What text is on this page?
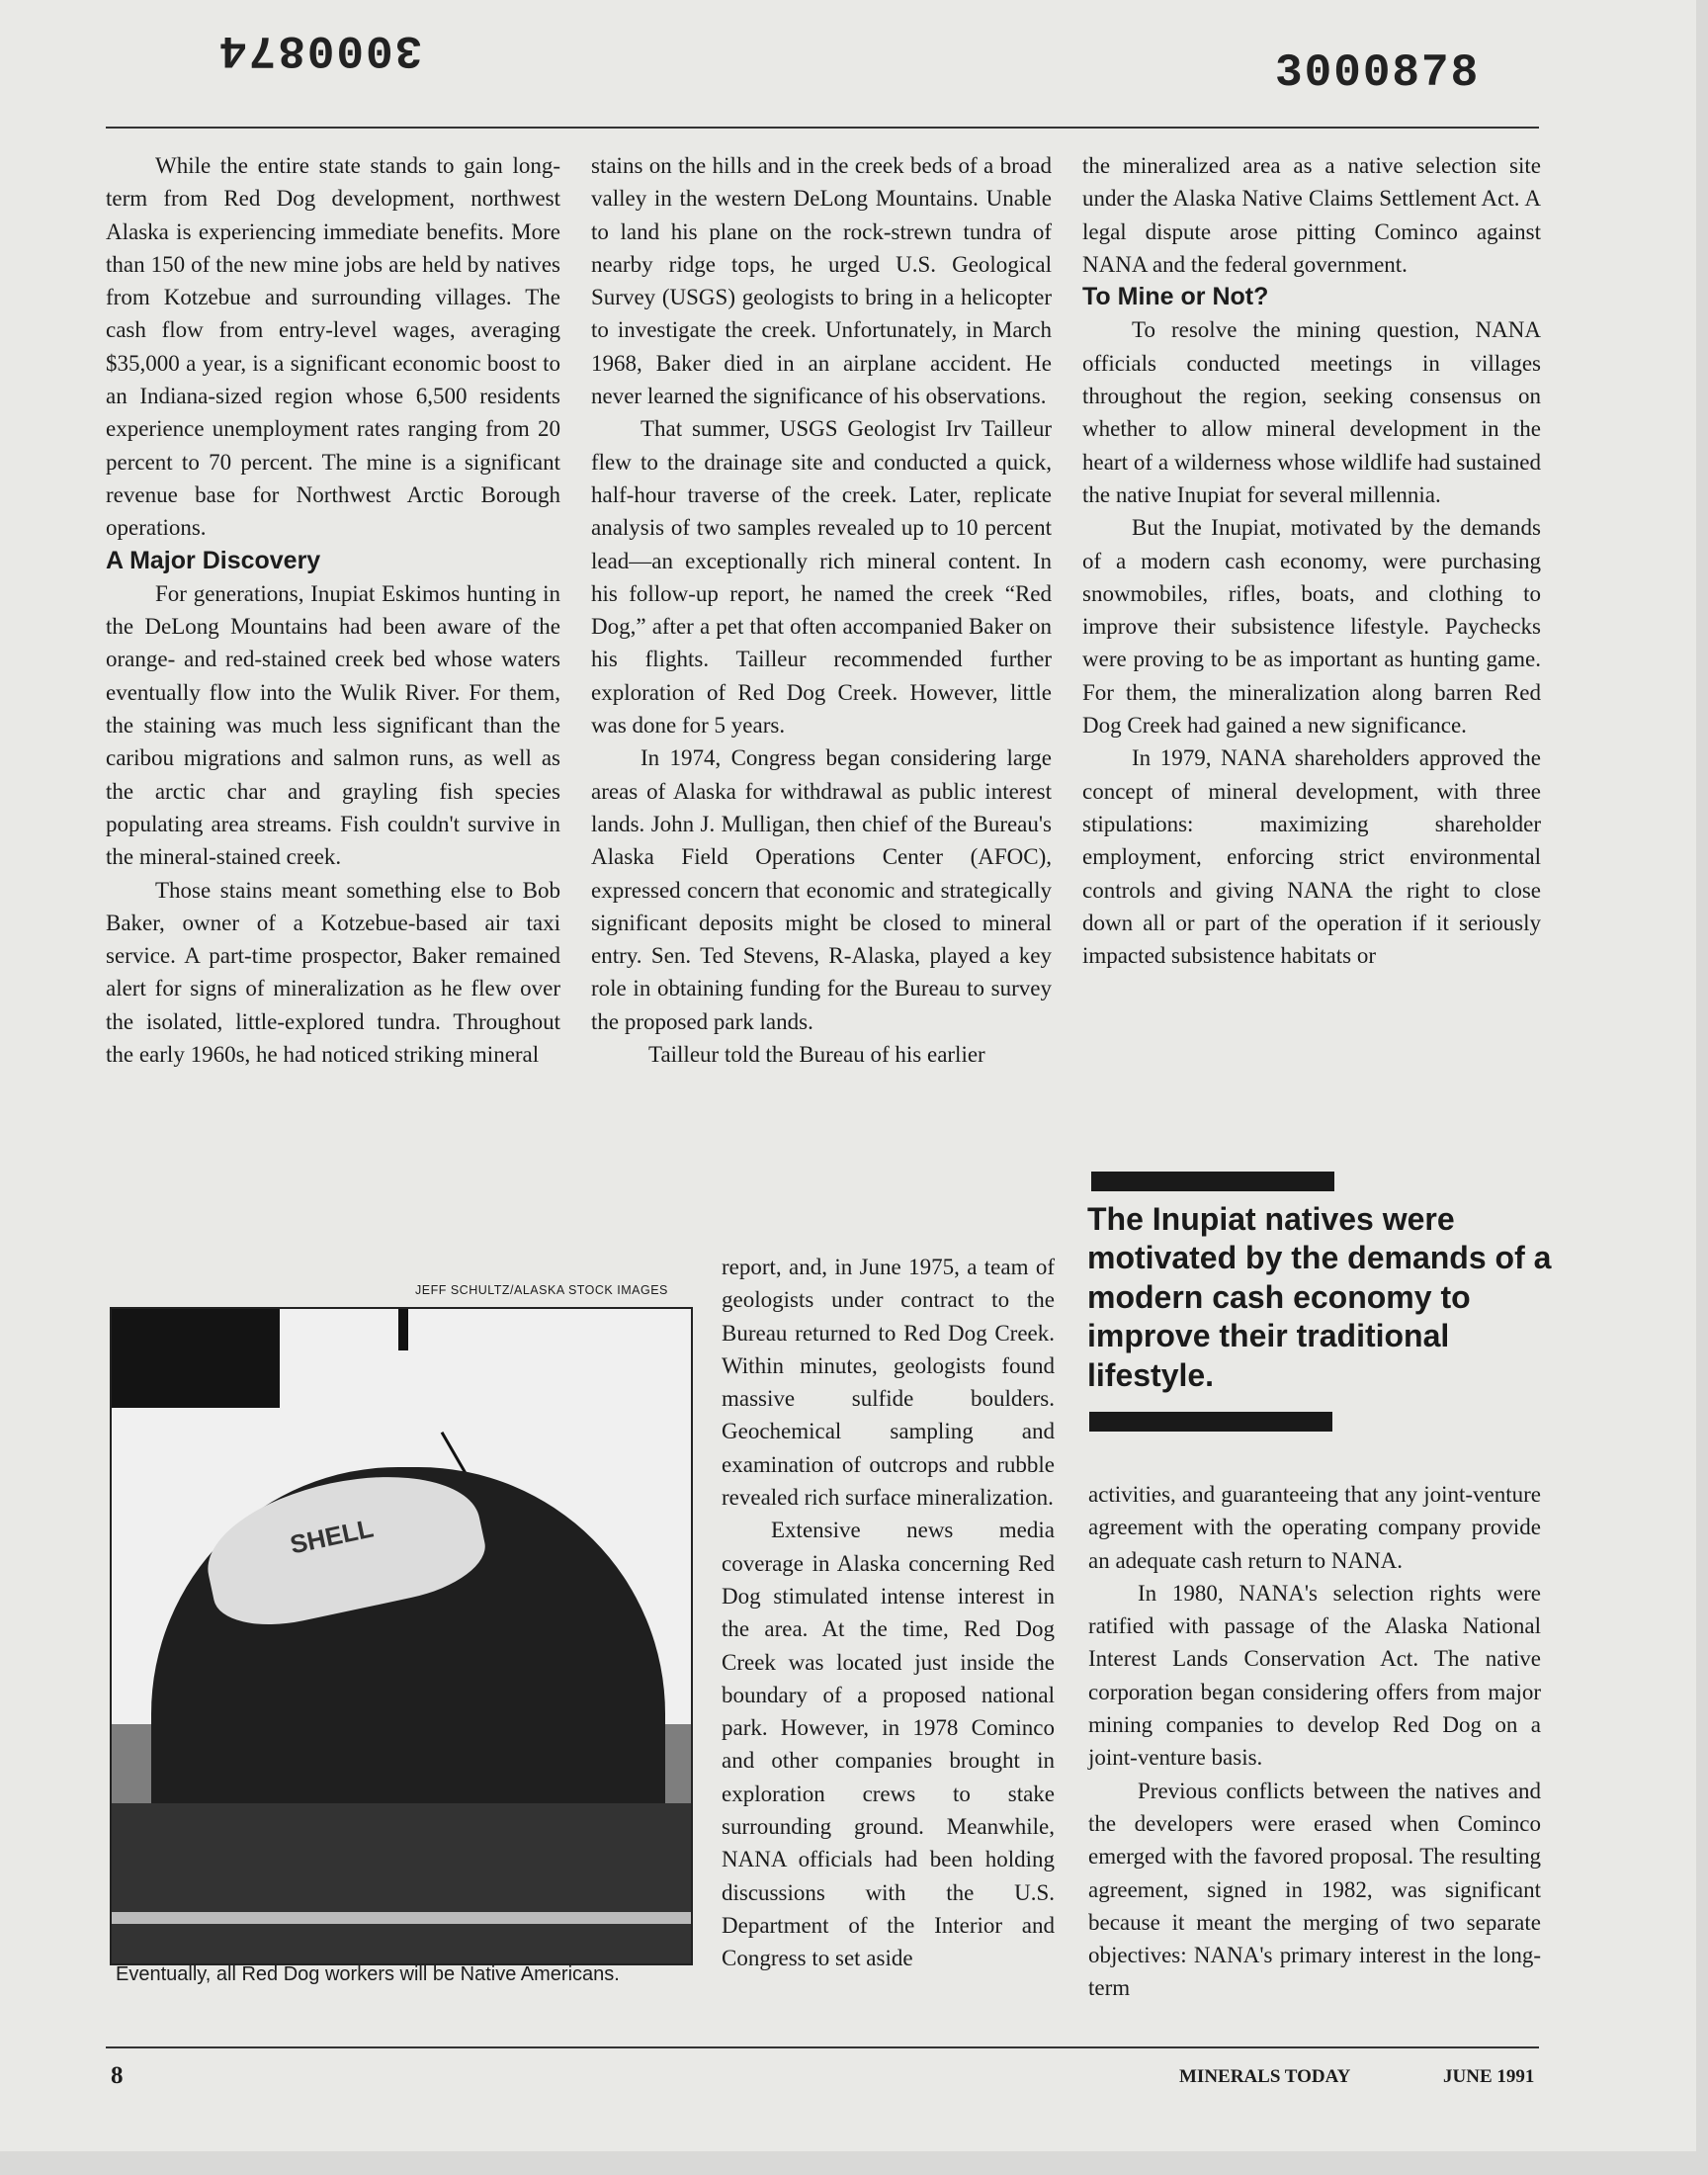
3000874	3000878

While the entire state stands to gain long-term from Red Dog development, northwest Alaska is experiencing immediate benefits. More than 150 of the new mine jobs are held by natives from Kotzebue and surrounding villages. The cash flow from entry-level wages, averaging $35,000 a year, is a significant economic boost to an Indiana-sized region whose 6,500 residents experience unemployment rates ranging from 20 percent to 70 percent. The mine is a significant revenue base for Northwest Arctic Borough operations.

A Major Discovery

For generations, Inupiat Eskimos hunting in the DeLong Mountains had been aware of the orange- and red-stained creek bed whose waters eventually flow into the Wulik River. For them, the staining was much less significant than the caribou migrations and salmon runs, as well as the arctic char and grayling fish species populating area streams. Fish couldn't survive in the mineral-stained creek.

Those stains meant something else to Bob Baker, owner of a Kotzebue-based air taxi service. A part-time prospector, Baker remained alert for signs of mineralization as he flew over the isolated, little-explored tundra. Throughout the early 1960s, he had noticed striking mineral

stains on the hills and in the creek beds of a broad valley in the western DeLong Mountains. Unable to land his plane on the rock-strewn tundra of nearby ridge tops, he urged U.S. Geological Survey (USGS) geologists to bring in a helicopter to investigate the creek. Unfortunately, in March 1968, Baker died in an airplane accident. He never learned the significance of his observations.

That summer, USGS Geologist Irv Tailleur flew to the drainage site and conducted a quick, half-hour traverse of the creek. Later, replicate analysis of two samples revealed up to 10 percent lead—an exceptionally rich mineral content. In his follow-up report, he named the creek “Red Dog,” after a pet that often accompanied Baker on his flights. Tailleur recommended further exploration of Red Dog Creek. However, little was done for 5 years.

In 1974, Congress began considering large areas of Alaska for withdrawal as public interest lands. John J. Mulligan, then chief of the Bureau's Alaska Field Operations Center (AFOC), expressed concern that economic and strategically significant deposits might be closed to mineral entry. Sen. Ted Stevens, R-Alaska, played a key role in obtaining funding for the Bureau to survey the proposed park lands.

Tailleur told the Bureau of his earlier

report, and, in June 1975, a team of geologists under contract to the Bureau returned to Red Dog Creek. Within minutes, geologists found massive sulfide boulders. Geochemical sampling and examination of outcrops and rubble revealed rich surface mineralization.

Extensive news media coverage in Alaska concerning Red Dog stimulated intense interest in the area. At the time, Red Dog Creek was located just inside the boundary of a proposed national park. However, in 1978 Cominco and other companies brought in exploration crews to stake surrounding ground. Meanwhile, NANA officials had been holding discussions with the U.S. Department of the Interior and Congress to set aside

JEFF SCHULTZ/ALASKA STOCK IMAGES
SHELL
Eventually, all Red Dog workers will be Native Americans.

the mineralized area as a native selection site under the Alaska Native Claims Settlement Act. A legal dispute arose pitting Cominco against NANA and the federal government.

To Mine or Not?

To resolve the mining question, NANA officials conducted meetings in villages throughout the region, seeking consensus on whether to allow mineral development in the heart of a wilderness whose wildlife had sustained the native Inupiat for several millennia.

But the Inupiat, motivated by the demands of a modern cash economy, were purchasing snowmobiles, rifles, boats, and clothing to improve their subsistence lifestyle. Paychecks were proving to be as important as hunting game. For them, the mineralization along barren Red Dog Creek had gained a new significance.

In 1979, NANA shareholders approved the concept of mineral development, with three stipulations: maximizing shareholder employment, enforcing strict environmental controls and giving NANA the right to close down all or part of the operation if it seriously impacted subsistence habitats or

The Inupiat natives were motivated by the demands of a modern cash economy to improve their traditional lifestyle.

activities, and guaranteeing that any joint-venture agreement with the operating company provide an adequate cash return to NANA.

In 1980, NANA's selection rights were ratified with passage of the Alaska National Interest Lands Conservation Act. The native corporation began considering offers from major mining companies to develop Red Dog on a joint-venture basis.

Previous conflicts between the natives and the developers were erased when Cominco emerged with the favored proposal. The resulting agreement, signed in 1982, was significant because it meant the merging of two separate objectives: NANA's primary interest in the long-term

8	MINERALS TODAY	JUNE 1991
